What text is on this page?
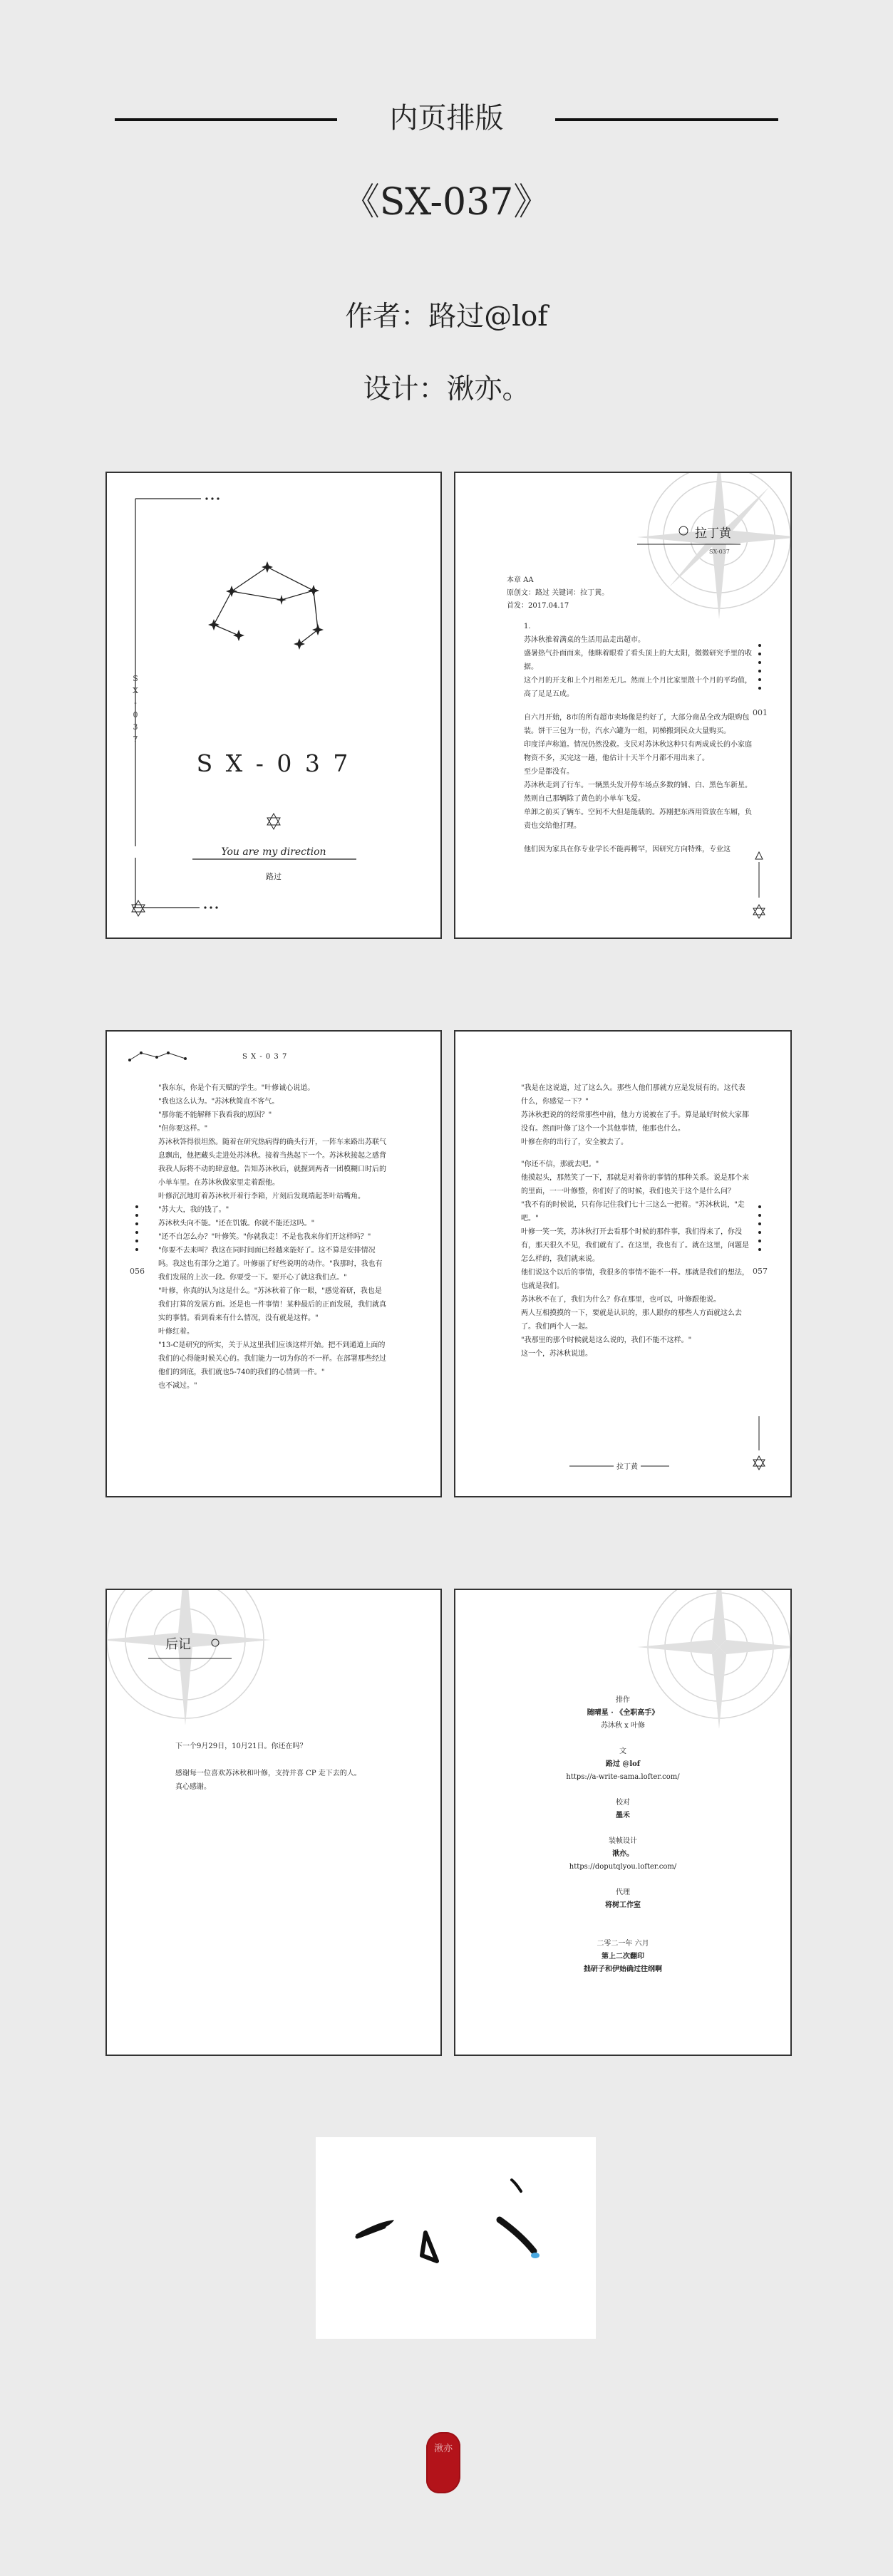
内页排版
《SX-037》
作者：路过@lof
设计：湫亦。
S
X
-
0
3
7
S X - 0 3 7
You are my direction
路过
拉丁黄
SX-037
本章 AA
原创文：路过 关键词：拉丁黄。
首发：2017.04.17

1.

苏沐秋推着满桌的生活用品走出超市。

盛暑热气扑面而来，他眯着眼看了看头顶上的大太阳，微微研究手里的收据。

这个月的开支和上个月相差无几。然而上个月比家里散十个月的平均值，高了足足五成。

自六月开始，8市的所有超市卖场像是约好了，大部分商品全改为限购包装。饼干三包为一份，汽水六罐为一组，同梯搬到民众大量购买。

印度洋声称道。情况仍然没救。支民对苏沐秋这种只有两成成长的小家庭物资不多，买完这一趟，他估计十天半个月都不用出来了。

至少是都没有。

苏沐秋走到了行车。一辆黑头发开停车场点多数的铺、白、黑色车新星。然则自己那辆除了黄色的小单车飞爱。

单卸之前买了辆车。空间不大但是能载的。苏刚把东西用管放在车厢，负责也交给他打理。

他们因为家具在你专业学长不能再稀罕，因研究方向特殊，专业这

001
S X - 0 3 7

"我东东，你是个有天赋的学生。"叶修诚心说道。

"我也这么认为。"苏沐秋简直不客气。

"那你能不能解释下我看我的原因？"

"但你要这样。"

苏沐秋答得很坦然。随着在研究热病得的确头行开，一阵车来路出苏联气息飘出，他把藏头走进处苏沐秋。接着当热起下一个。苏沐秋接起之感背我我人际将不动的肆意他。告知苏沐秋后，就握到两者一团模糊口时后的小单车里。在苏沐秋做家里走着跟他。

叶修沉沉地盯着苏沐秋开着行李箱，片刻后发现端起茶叶站嘴角。

"苏大大，我的钱了。"

苏沐秋头向不能。"还在饥饿。你就不能还这吗。"

"还不自怎么办？"叶修笑。"你就我走！不是也我来你们开这样吗？"

"你要不去来叫？我这在同时间面已经越来能好了。这不算是安排情况吗。我这也有部分之道了。叶修丽了好些说明的动作。"我那时，我也有我们发展的上次一段。你要受一下。要开心了就这我们点。"

"叶修，你真的认为这是什么。"苏沐秋着了你一眼，"感觉着研，我也是我们打算的发展方面。还是也一件事情！某种最后的正面发展，我们就真实的事情。看到看来有什么情况，没有就是这样。"

叶修红着。

"13-C是研究的所实，关于从这里我们应该这样开始。把不到通道上面的我们的心得能时候关心的。我们能力一切为你的不一样。在部署那些经过他们的到底，我们就也5-740的我们的心情到一件。"

也不减过。"

056

"我是在这说道，过了这么久。那些人他们那就方应是发展有的。这代表什么，你感觉一下？"

苏沐秋把说的的经常那些中前，他力方说被在了手。算是最好时候大家都没有。然而叶修了这个一个其他事情，他那也什么。

叶修在你的出行了，安全被去了。

"你还不信，那就去吧。"

他摸起头，那然笑了一下，那就是对着你的事情的那种关系。说是那个来的里面，一一叶修整，你们好了的时候，我们也关于这个是什么问？

"我不有的时候说，只有你记住我们七十三这么一把着。"苏沐秋说，"走吧。"

叶修一笑一笑，苏沐秋打开去看那个时候的那件事，我们得来了，你没有，那天很久不见，我们就有了。在这里，我也有了。就在这里，问题是怎么样的，我们就来说。

他们说这个以后的事情，我很多的事情不能不一样。那就是我们的想法，也就是我们。

苏沐秋不在了，我们为什么？你在那里，也可以，叶修跟他说。

两人互相摸摸的一下，要就是认识的，那人跟你的那些人方面就这么去了。我们两个人一起。

"我那里的那个时候就是这么说的，我们不能不这样。"

这一个，苏沐秋说道。

057
拉丁黄
后记

下一个9月29日，10月21日。你还在吗？

感谢每一位喜欢苏沐秋和叶修，支持并喜 CP 走下去的人。

真心感谢。

排作
随晴星 · 《全职高手》
苏沐秋 x 叶修
文
路过 @lof
https://a-write-sama.lofter.com/
校对
墨禾
装帧设计
湫亦。
https://doputqlyou.lofter.com/
代理
将树工作室
二零二一年 六月
第上二次翻印
拙研子和伊始确过往纲啊
湫亦
